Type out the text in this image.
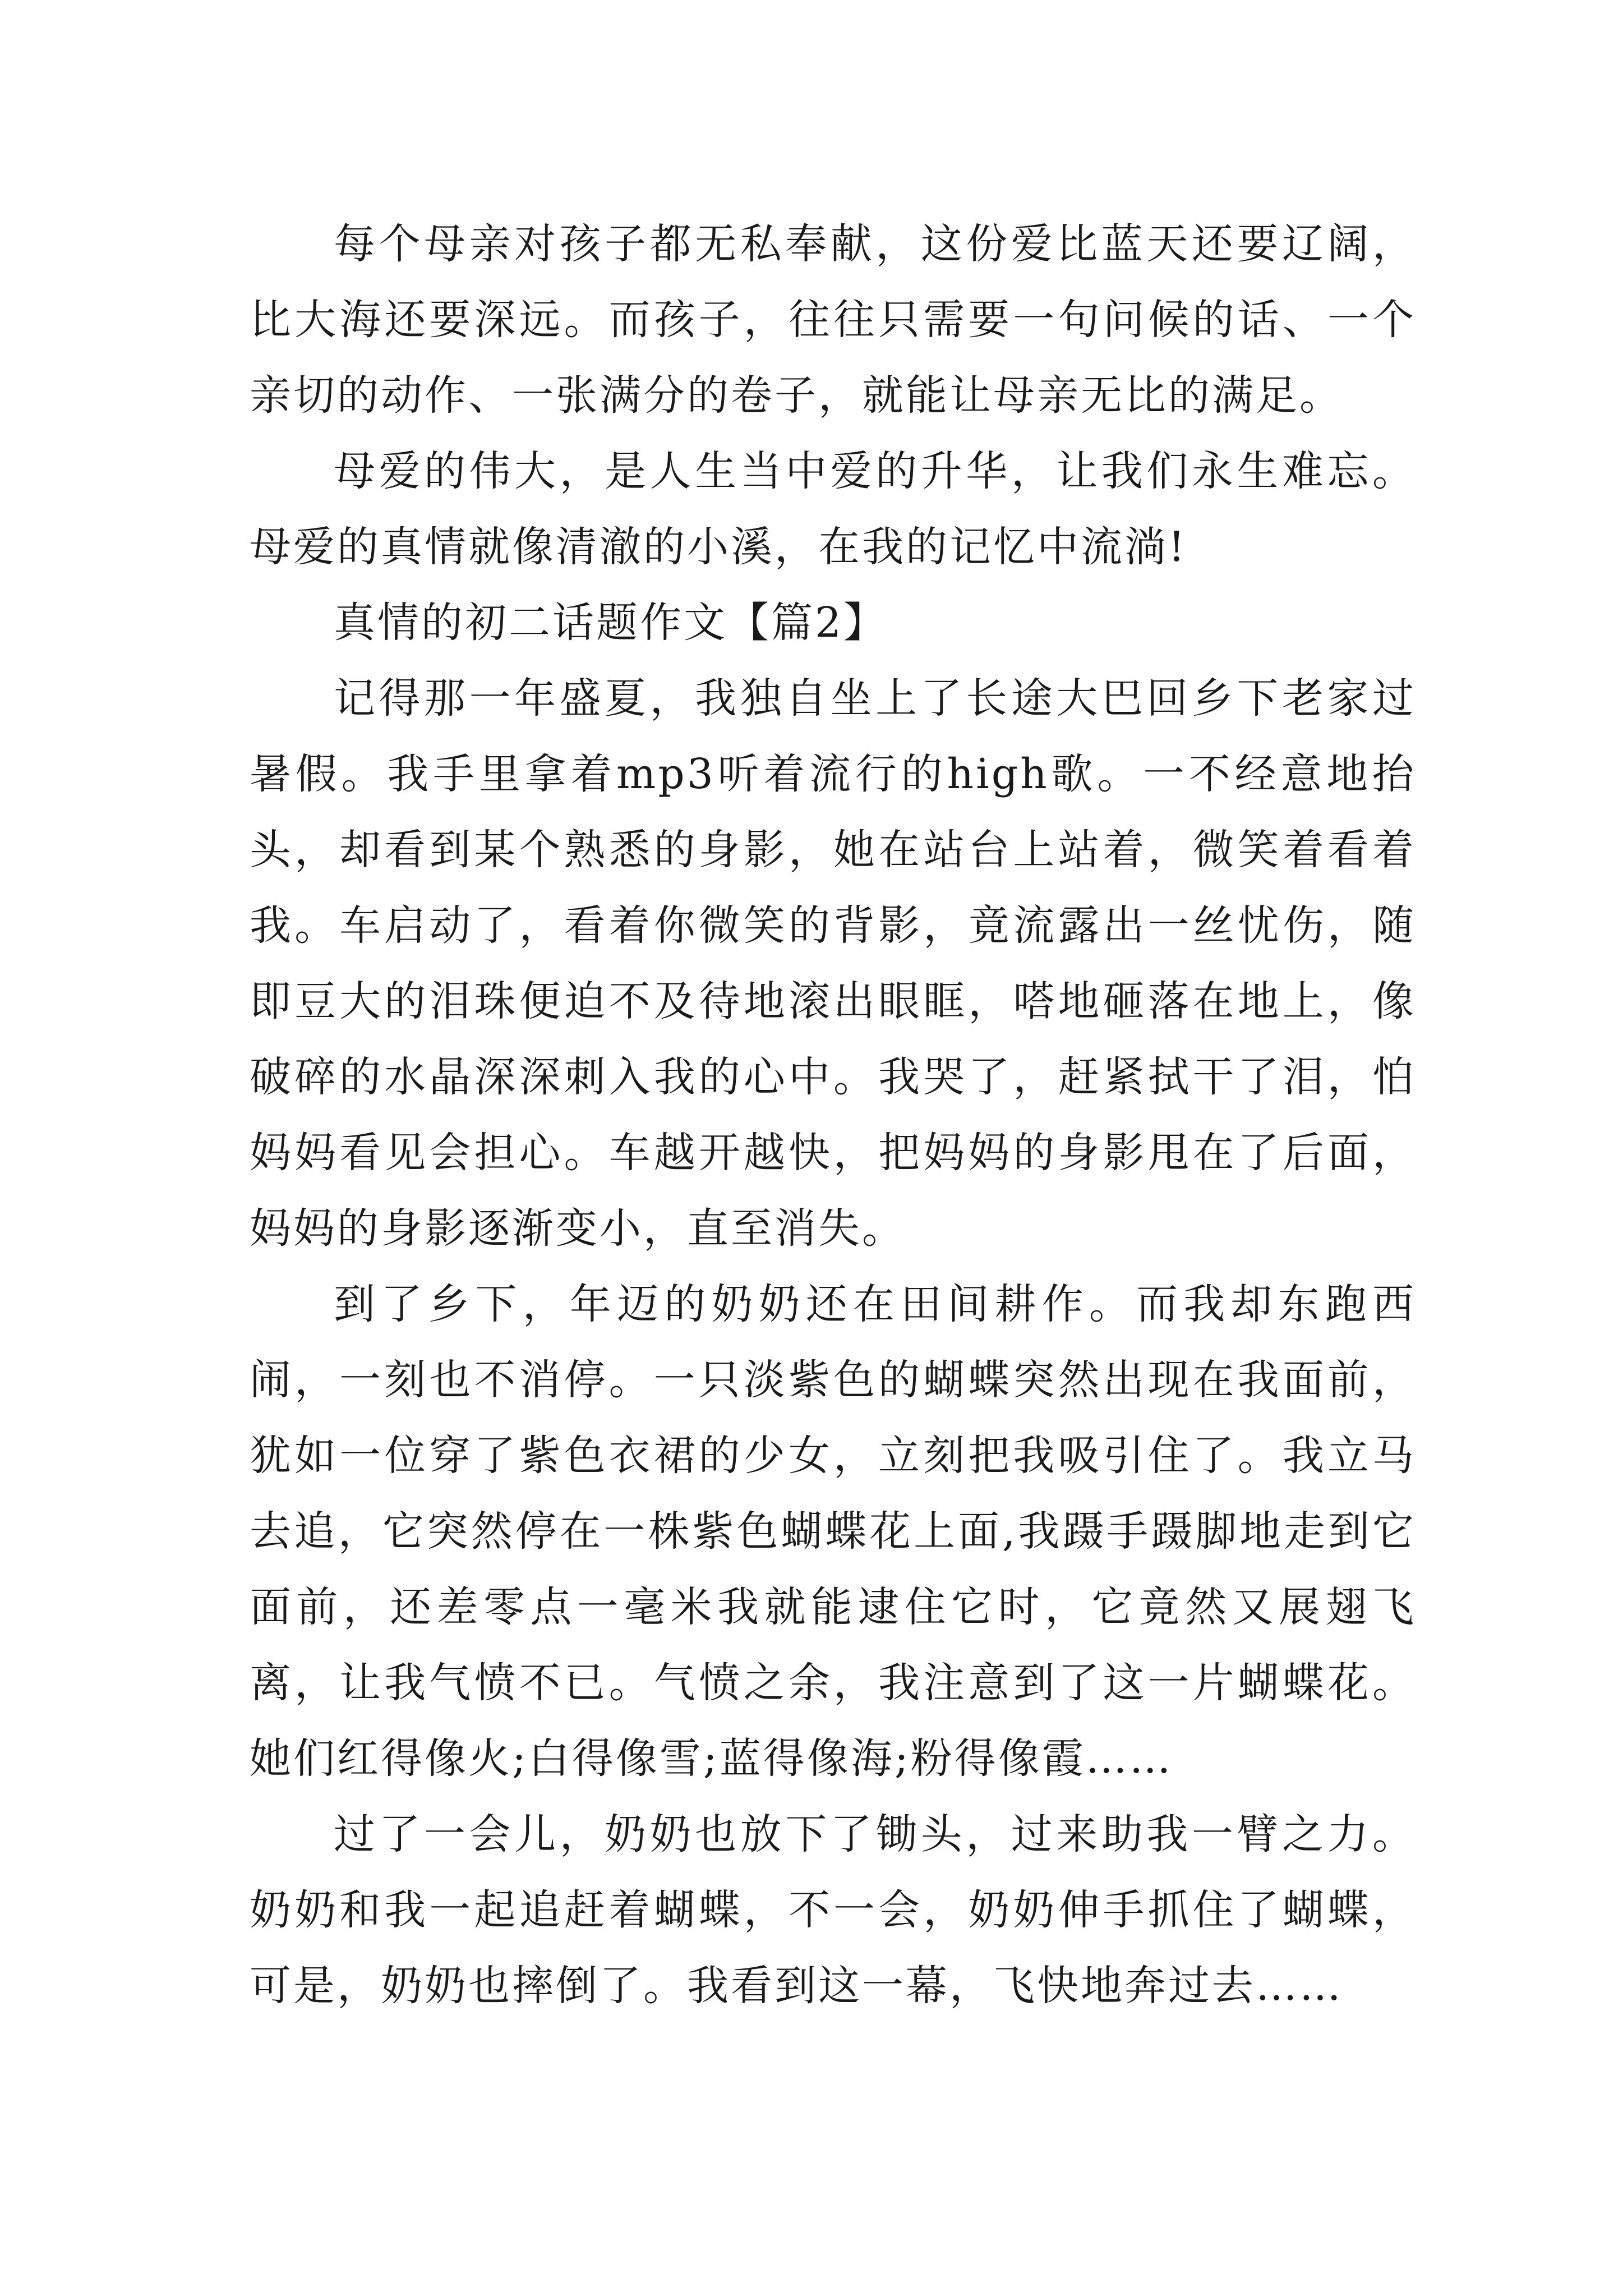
每个母亲对孩子都无私奉献，这份爱比蓝天还要辽阔，比大海还要深远。而孩子，往往只需要一句问候的话、一个亲切的动作、一张满分的卷子，就能让母亲无比的满足。

母爱的伟大，是人生当中爱的升华，让我们永生难忘。母爱的真情就像清澈的小溪，在我的记忆中流淌!

真情的初二话题作文【篇2】

记得那一年盛夏，我独自坐上了长途大巴回乡下老家过暑假。我手里拿着mp3听着流行的high歌。一不经意地抬头，却看到某个熟悉的身影，她在站台上站着，微笑着看着我。车启动了，看着你微笑的背影，竟流露出一丝忧伤，随即豆大的泪珠便迫不及待地滚出眼眶，嗒地砸落在地上，像破碎的水晶深深刺入我的心中。我哭了，赶紧拭干了泪，怕妈妈看见会担心。车越开越快，把妈妈的身影甩在了后面，妈妈的身影逐渐变小，直至消失。

到了乡下，年迈的奶奶还在田间耕作。而我却东跑西闹，一刻也不消停。一只淡紫色的蝴蝶突然出现在我面前，犹如一位穿了紫色衣裙的少女，立刻把我吸引住了。我立马去追，它突然停在一株紫色蝴蝶花上面,我蹑手蹑脚地走到它面前，还差零点一毫米我就能逮住它时，它竟然又展翅飞离，让我气愤不已。气愤之余，我注意到了这一片蝴蝶花。她们红得像火;白得像雪;蓝得像海;粉得像霞……

过了一会儿，奶奶也放下了锄头，过来助我一臂之力。奶奶和我一起追赶着蝴蝶，不一会，奶奶伸手抓住了蝴蝶，可是，奶奶也摔倒了。我看到这一幕，飞快地奔过去……
